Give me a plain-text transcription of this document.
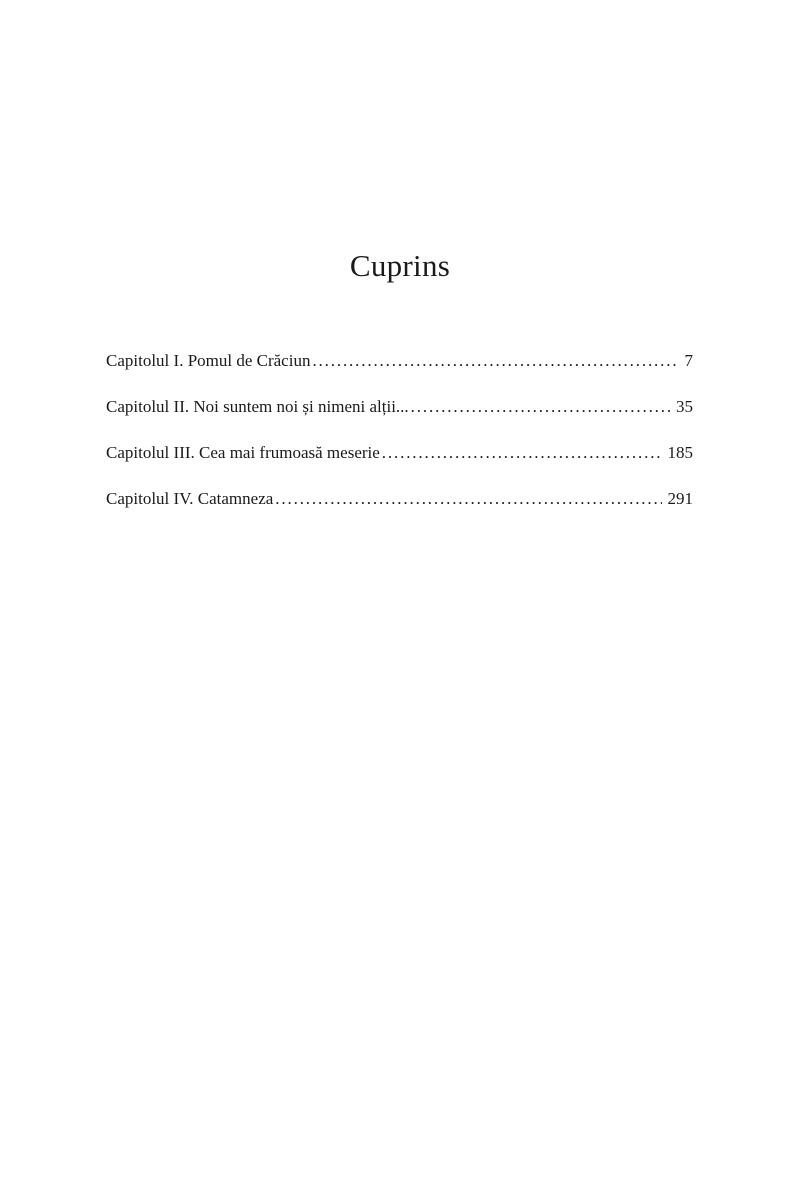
Cuprins
Capitolul I. Pomul de Crăciun . . .	7
Capitolul II. Noi suntem noi și nimeni alții... . . .	35
Capitolul III. Cea mai frumoasă meserie . . .	185
Capitolul IV. Catamneza . . .	291
